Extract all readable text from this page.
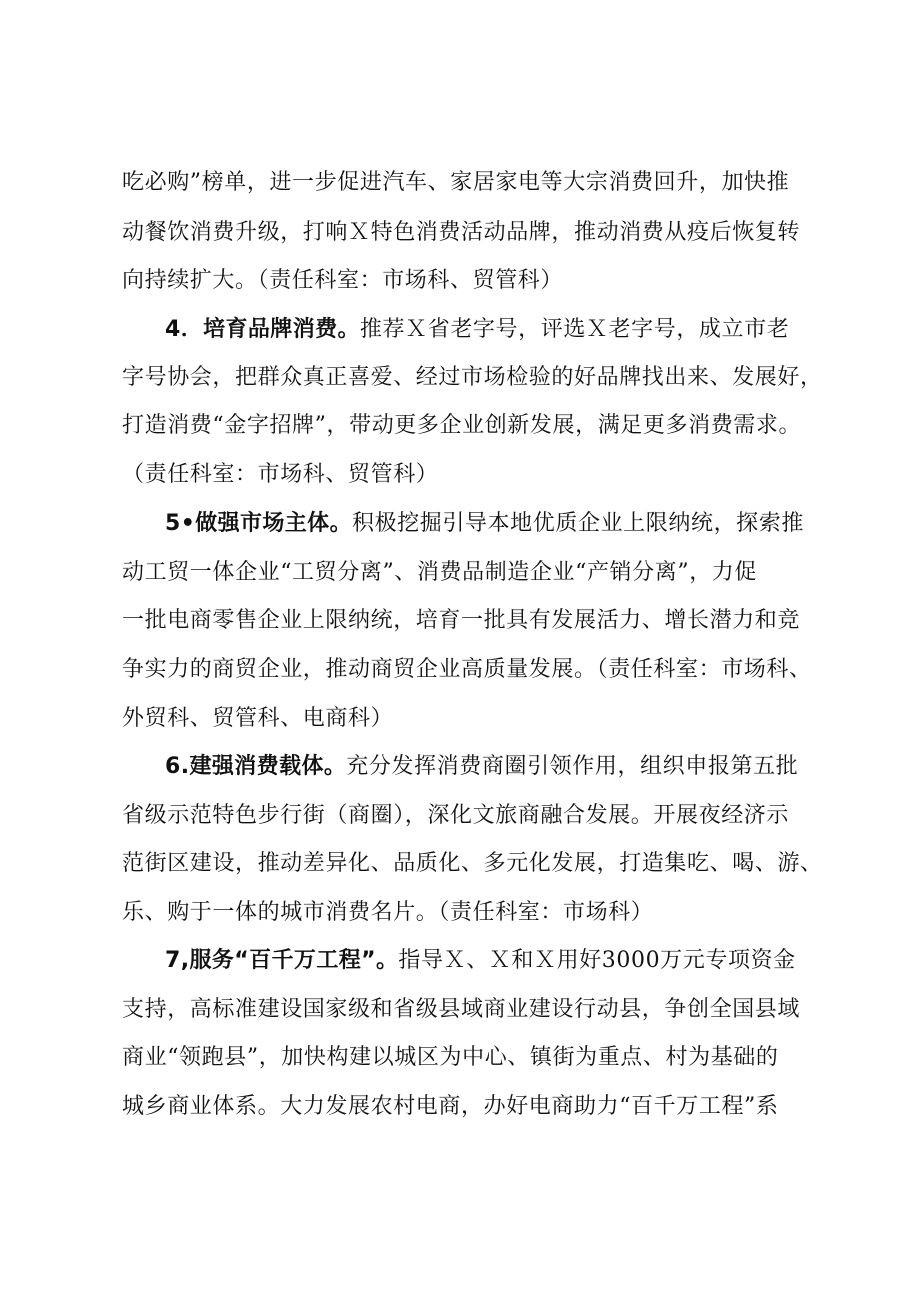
吃必购”榜单，进一步促进汽车、家居家电等大宗消费回升，加快推
动餐饮消费升级，打响Ｘ特色消费活动品牌，推动消费从疫后恢复转
向持续扩大。（责任科室：市场科、贸管科）
4．培育品牌消费。推荐Ｘ省老字号，评选Ｘ老字号，成立市老
字号协会，把群众真正喜爱、经过市场检验的好品牌找出来、发展好，
打造消费“金字招牌”，带动更多企业创新发展，满足更多消费需求。
（责任科室：市场科、贸管科）
5•做强市场主体。积极挖掘引导本地优质企业上限纳统，探索推
动工贸一体企业“工贸分离”、消费品制造企业“产销分离”，力促
一批电商零售企业上限纳统，培育一批具有发展活力、增长潜力和竞
争实力的商贸企业，推动商贸企业高质量发展。（责任科室：市场科、
外贸科、贸管科、电商科）
6.建强消费载体。充分发挥消费商圈引领作用，组织申报第五批
省级示范特色步行街（商圈），深化文旅商融合发展。开展夜经济示
范街区建设，推动差异化、品质化、多元化发展，打造集吃、喝、游、
乐、购于一体的城市消费名片。（责任科室：市场科）
7,服务“百千万工程”。指导Ｘ、Ｘ和Ｘ用好3000万元专项资金
支持，高标准建设国家级和省级县域商业建设行动县，争创全国县域
商业“领跑县”，加快构建以城区为中心、镇街为重点、村为基础的
城乡商业体系。大力发展农村电商，办好电商助力“百千万工程”系
